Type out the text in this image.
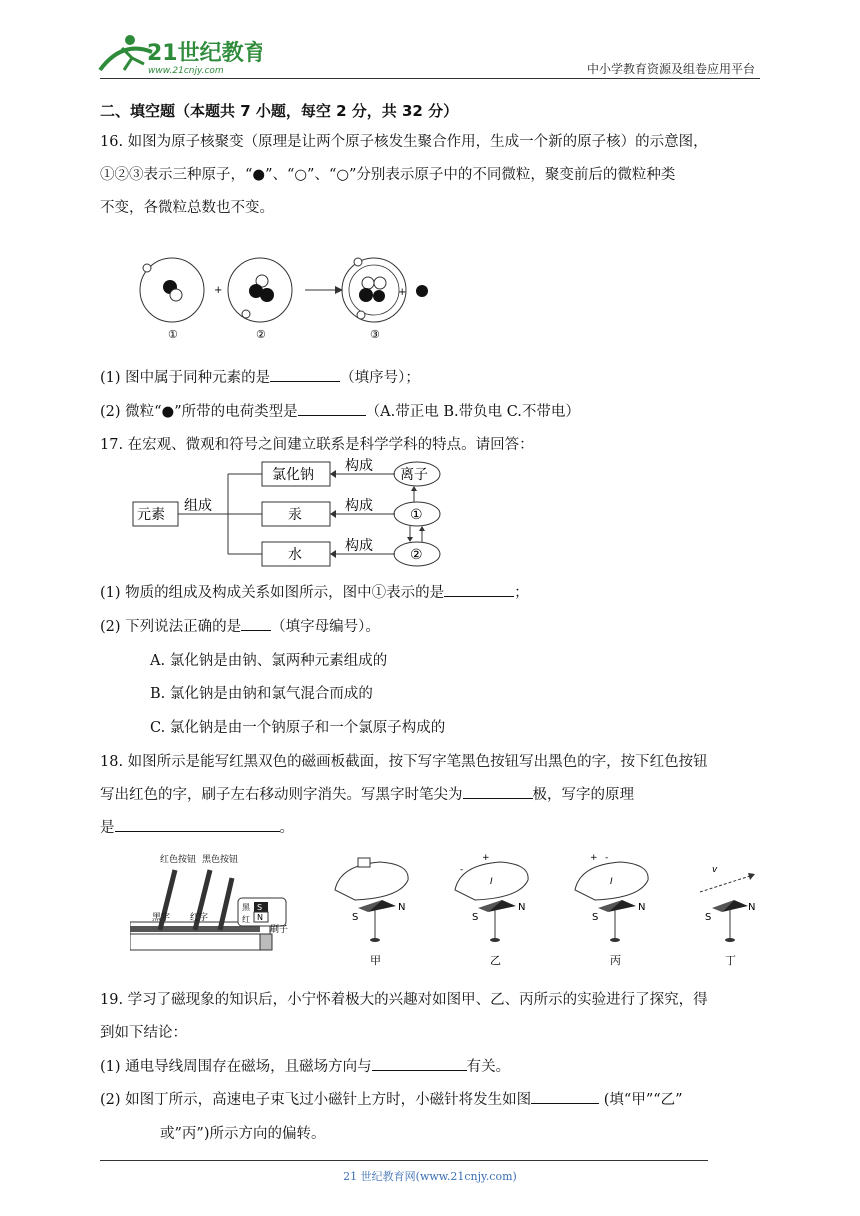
21世纪教育
www.21cnjy.com	中小学教育资源及组卷应用平台
二、填空题（本题共 7 小题，每空 2 分，共 32 分）
16. 如图为原子核聚变（原理是让两个原子核发生聚合作用，生成一个新的原子核）的示意图，
①②③表示三种原子，“●”、“○”、“○”分别表示原子中的不同微粒，聚变前后的微粒种类
不变，各微粒总数也不变。
+	+
①	②	③
(1) 图中属于同种元素的是	（填序号）；
(2) 微粒“●”所带的电荷类型是	（A.带正电 B.带负电 C.不带电）
17. 在宏观、微观和符号之间建立联系是科学学科的特点。请回答：
元素
组成
氯化钠
汞
水
构成
构成
构成
离子
①
②
(1) 物质的组成及构成关系如图所示，图中①表示的是	；
(2) 下列说法正确的是 （填字母编号）。
A. 氯化钠是由钠、氯两种元素组成的
B. 氯化钠是由钠和氯气混合而成的
C. 氯化钠是由一个钠原子和一个氯原子构成的
18. 如图所示是能写红黑双色的磁画板截面，按下写字笔黑色按钮写出黑色的字，按下红色按钮
写出红色的字，刷子左右移动则字消失。写黑字时笔尖为	极，写字的原理
是	。
红色按钮 黑色按钮
黑字 红字
黑
红
S
N
刷子
S
N
甲
+
-
I
S
N
乙
+ -
I
S
N
丙
v
S
N
丁
19. 学习了磁现象的知识后，小宁怀着极大的兴趣对如图甲、乙、丙所示的实验进行了探究，得
到如下结论：
(1) 通电导线周围存在磁场，且磁场方向与	有关。
(2) 如图丁所示，高速电子束飞过小磁针上方时，小磁针将发生如图	(填“甲”“乙”
或”丙”)所示方向的偏转。
21 世纪教育网(www.21cnjy.com)
